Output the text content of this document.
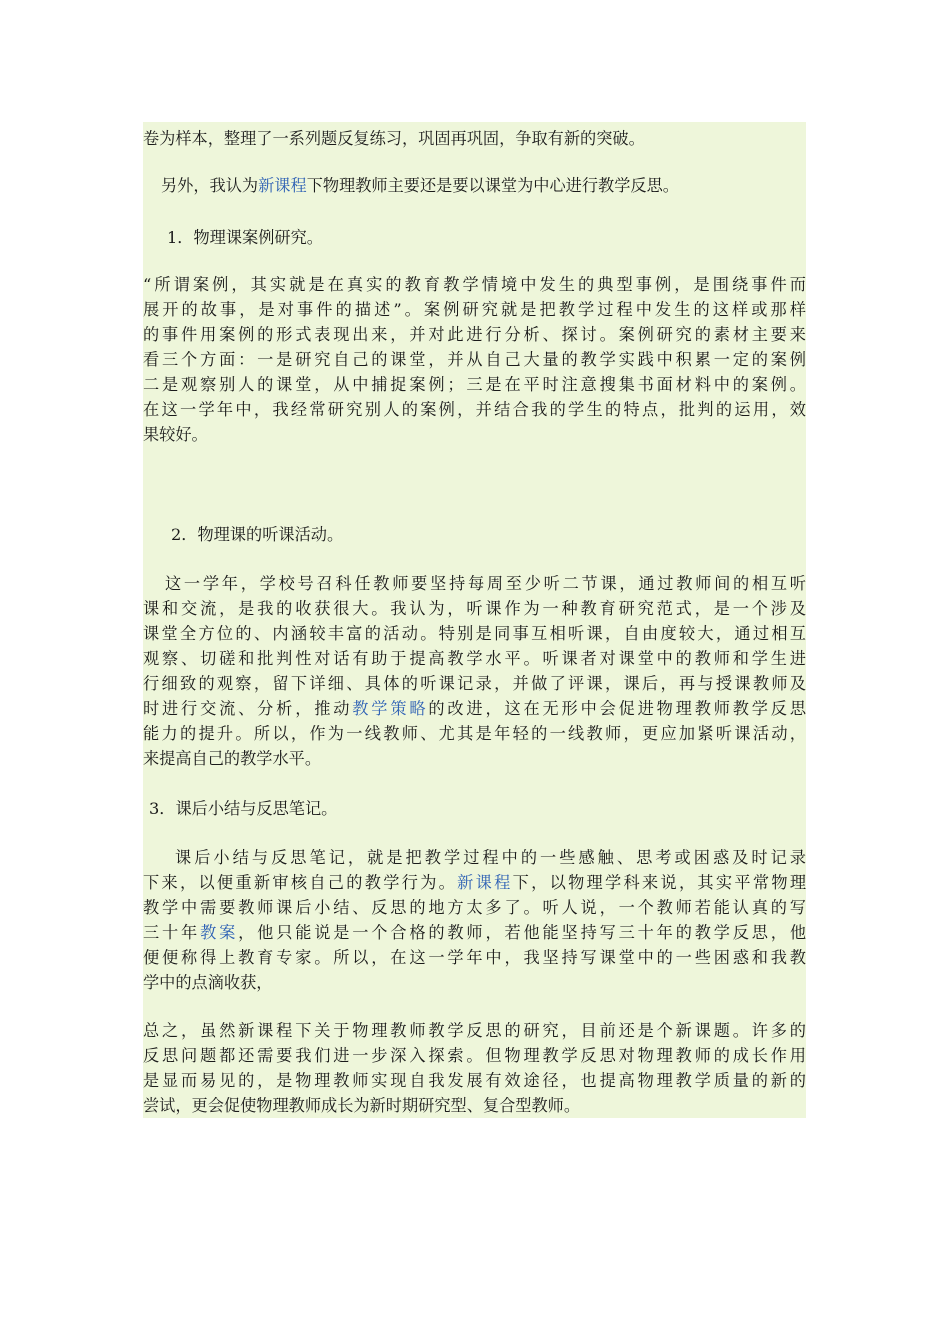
卷为样本，整理了一系列题反复练习，巩固再巩固，争取有新的突破。
另外，我认为新课程下物理教师主要还是要以课堂为中心进行教学反思。
1．物理课案例研究。
“所谓案例，其实就是在真实的教育教学情境中发生的典型事例，是围绕事件而
展开的故事，是对事件的描述”。案例研究就是把教学过程中发生的这样或那样
的事件用案例的形式表现出来，并对此进行分析、探讨。案例研究的素材主要来
看三个方面：一是研究自己的课堂，并从自己大量的教学实践中积累一定的案例
二是观察别人的课堂，从中捕捉案例；三是在平时注意搜集书面材料中的案例。
在这一学年中，我经常研究别人的案例，并结合我的学生的特点，批判的运用，效
果较好。
2．物理课的听课活动。
这一学年，学校号召科任教师要坚持每周至少听二节课，通过教师间的相互听
课和交流，是我的收获很大。我认为，听课作为一种教育研究范式，是一个涉及
课堂全方位的、内涵较丰富的活动。特别是同事互相听课，自由度较大，通过相互
观察、切磋和批判性对话有助于提高教学水平。听课者对课堂中的教师和学生进
行细致的观察，留下详细、具体的听课记录，并做了评课，课后，再与授课教师及
时进行交流、分析，推动教学策略的改进，这在无形中会促进物理教师教学反思
能力的提升。所以，作为一线教师、尤其是年轻的一线教师，更应加紧听课活动，
来提高自己的教学水平。
3．课后小结与反思笔记。
课后小结与反思笔记，就是把教学过程中的一些感触、思考或困惑及时记录
下来，以便重新审核自己的教学行为。新课程下，以物理学科来说，其实平常物理
教学中需要教师课后小结、反思的地方太多了。听人说，一个教师若能认真的写
三十年教案，他只能说是一个合格的教师，若他能坚持写三十年的教学反思，他
便便称得上教育专家。所以，在这一学年中，我坚持写课堂中的一些困惑和我教
学中的点滴收获，
总之，虽然新课程下关于物理教师教学反思的研究，目前还是个新课题。许多的
反思问题都还需要我们进一步深入探索。但物理教学反思对物理教师的成长作用
是显而易见的，是物理教师实现自我发展有效途径，也提高物理教学质量的新的
尝试，更会促使物理教师成长为新时期研究型、复合型教师。
